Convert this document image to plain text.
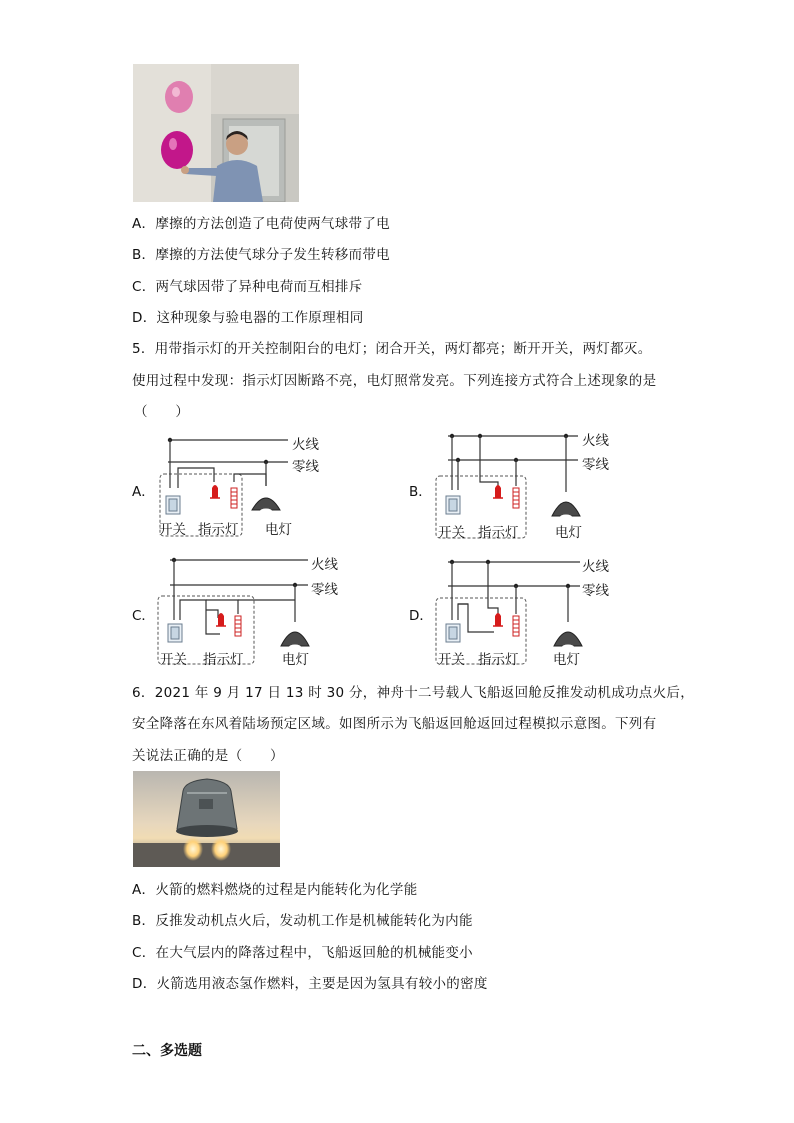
A．摩擦的方法创造了电荷使两气球带了电
B．摩擦的方法使气球分子发生转移而带电
C．两气球因带了异种电荷而互相排斥
D．这种现象与验电器的工作原理相同
5．用带指示灯的开关控制阳台的电灯；闭合开关，两灯都亮；断开开关，两灯都灭。
使用过程中发现：指示灯因断路不亮，电灯照常发亮。下列连接方式符合上述现象的是
（　　）
A．	B．
C．	D．
火线
零线
开关 指示灯 电灯
火线
零线
开关 指示灯	电灯
火线
零线
开关 指示灯	电灯
火线
零线
开关 指示灯	电灯
6．2021 年 9 月 17 日 13 时 30 分，神舟十二号载人飞船返回舱反推发动机成功点火后，
安全降落在东风着陆场预定区域。如图所示为飞船返回舱返回过程模拟示意图。下列有
关说法正确的是（　　）
A．火箭的燃料燃烧的过程是内能转化为化学能
B．反推发动机点火后，发动机工作是机械能转化为内能
C．在大气层内的降落过程中，飞船返回舱的机械能变小
D．火箭选用液态氢作燃料，主要是因为氢具有较小的密度
二、多选题
